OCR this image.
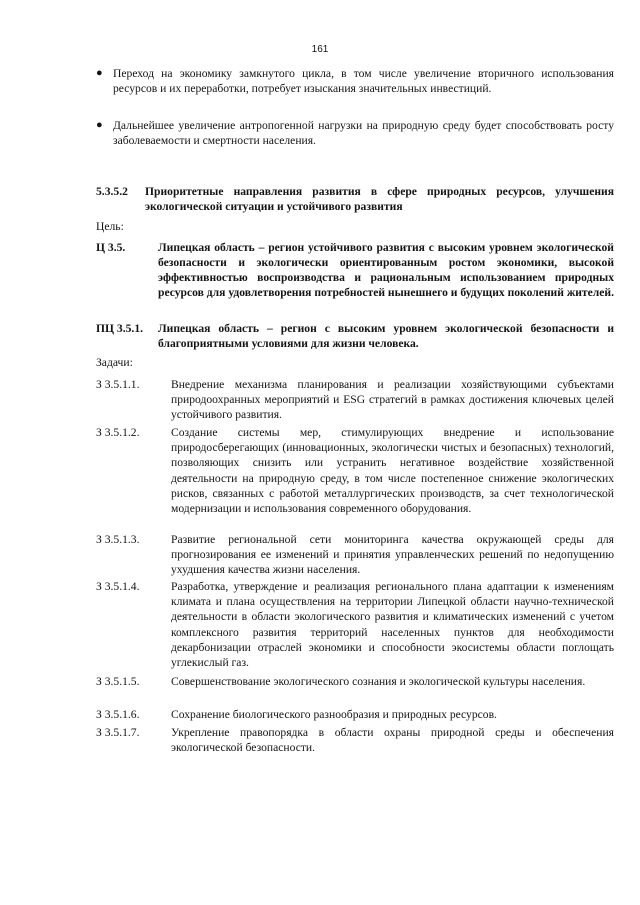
161
● Переход на экономику замкнутого цикла, в том числе увеличение вторичного использования ресурсов и их переработки, потребует изыскания значительных инвестиций.
● Дальнейшее увеличение антропогенной нагрузки на природную среду будет способствовать росту заболеваемости и смертности населения.
5.3.5.2 Приоритетные направления развития в сфере природных ресурсов, улучшения экологической ситуации и устойчивого развития
Цель:
Ц 3.5.	Липецкая область – регион устойчивого развития с высоким уровнем экологической безопасности и экологически ориентированным ростом экономики, высокой эффективностью воспроизводства и рациональным использованием природных ресурсов для удовлетворения потребностей нынешнего и будущих поколений жителей.
ПЦ 3.5.1. Липецкая область – регион с высоким уровнем экологической безопасности и благоприятными условиями для жизни человека.
Задачи:
З 3.5.1.1.	Внедрение механизма планирования и реализации хозяйствующими субъектами природоохранных мероприятий и ESG стратегий в рамках достижения ключевых целей устойчивого развития.
З 3.5.1.2.	Создание системы мер, стимулирующих внедрение и использование природосберегающих (инновационных, экологически чистых и безопасных) технологий, позволяющих снизить или устранить негативное воздействие хозяйственной деятельности на природную среду, в том числе постепенное снижение экологических рисков, связанных с работой металлургических производств, за счет технологической модернизации и использования современного оборудования.
З 3.5.1.3.	Развитие региональной сети мониторинга качества окружающей среды для прогнозирования ее изменений и принятия управленческих решений по недопущению ухудшения качества жизни населения.
З 3.5.1.4.	Разработка, утверждение и реализация регионального плана адаптации к изменениям климата и плана осуществления на территории Липецкой области научно-технической деятельности в области экологического развития и климатических изменений с учетом комплексного развития территорий населенных пунктов для необходимости декарбонизации отраслей экономики и способности экосистемы области поглощать углекислый газ.
З 3.5.1.5.	Совершенствование экологического сознания и экологической культуры населения.
З 3.5.1.6.	Сохранение биологического разнообразия и природных ресурсов.
З 3.5.1.7.	Укрепление правопорядка в области охраны природной среды и обеспечения экологической безопасности.
